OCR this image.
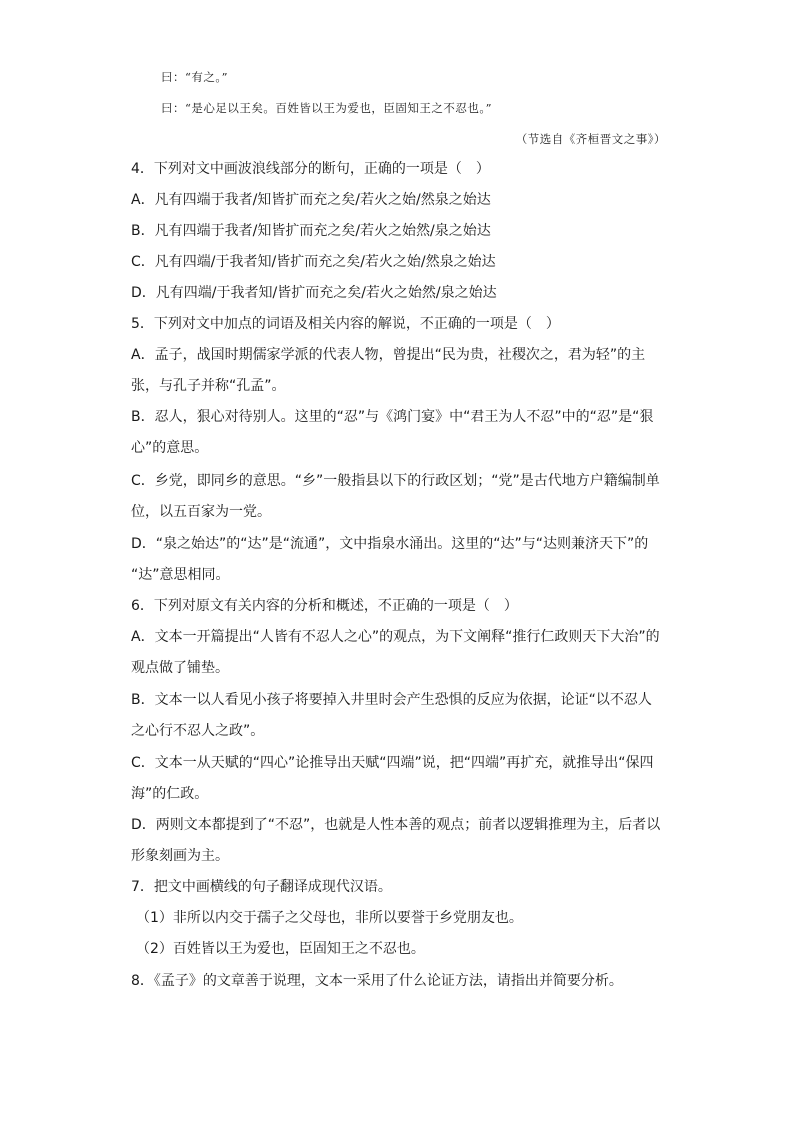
曰：“有之。”
曰：“是心足以王矣。百姓皆以王为爱也，臣固知王之不忍也。”
（节选自《齐桓晋文之事》）
4．下列对文中画波浪线部分的断句，正确的一项是（　）
A．凡有四端于我者/知皆扩而充之矣/若火之始/然泉之始达
B．凡有四端于我者/知皆扩而充之矣/若火之始然/泉之始达
C．凡有四端/于我者知/皆扩而充之矣/若火之始/然泉之始达
D．凡有四端/于我者知/皆扩而充之矣/若火之始然/泉之始达
5．下列对文中加点的词语及相关内容的解说，不正确的一项是（　）
A．孟子，战国时期儒家学派的代表人物，曾提出“民为贵，社稷次之，君为轻”的主
张，与孔子并称“孔孟”。
B．忍人，狠心对待别人。这里的“忍”与《鸿门宴》中“君王为人不忍”中的“忍”是“狠
心”的意思。
C．乡党，即同乡的意思。“乡”一般指县以下的行政区划；“党”是古代地方户籍编制单
位，以五百家为一党。
D．“泉之始达”的“达”是“流通”，文中指泉水涌出。这里的“达”与“达则兼济天下”的
“达”意思相同。
6．下列对原文有关内容的分析和概述，不正确的一项是（　）
A．文本一开篇提出“人皆有不忍人之心”的观点，为下文阐释“推行仁政则天下大治”的
观点做了铺垫。
B．文本一以人看见小孩子将要掉入井里时会产生恐惧的反应为依据，论证“以不忍人
之心行不忍人之政”。
C．文本一从天赋的“四心”论推导出天赋“四端”说，把“四端”再扩充，就推导出“保四
海”的仁政。
D．两则文本都提到了“不忍”，也就是人性本善的观点；前者以逻辑推理为主，后者以
形象刻画为主。
7．把文中画横线的句子翻译成现代汉语。
（1）非所以内交于孺子之父母也，非所以要誉于乡党朋友也。
（2）百姓皆以王为爱也，臣固知王之不忍也。
8．《孟子》的文章善于说理，文本一采用了什么论证方法，请指出并简要分析。
